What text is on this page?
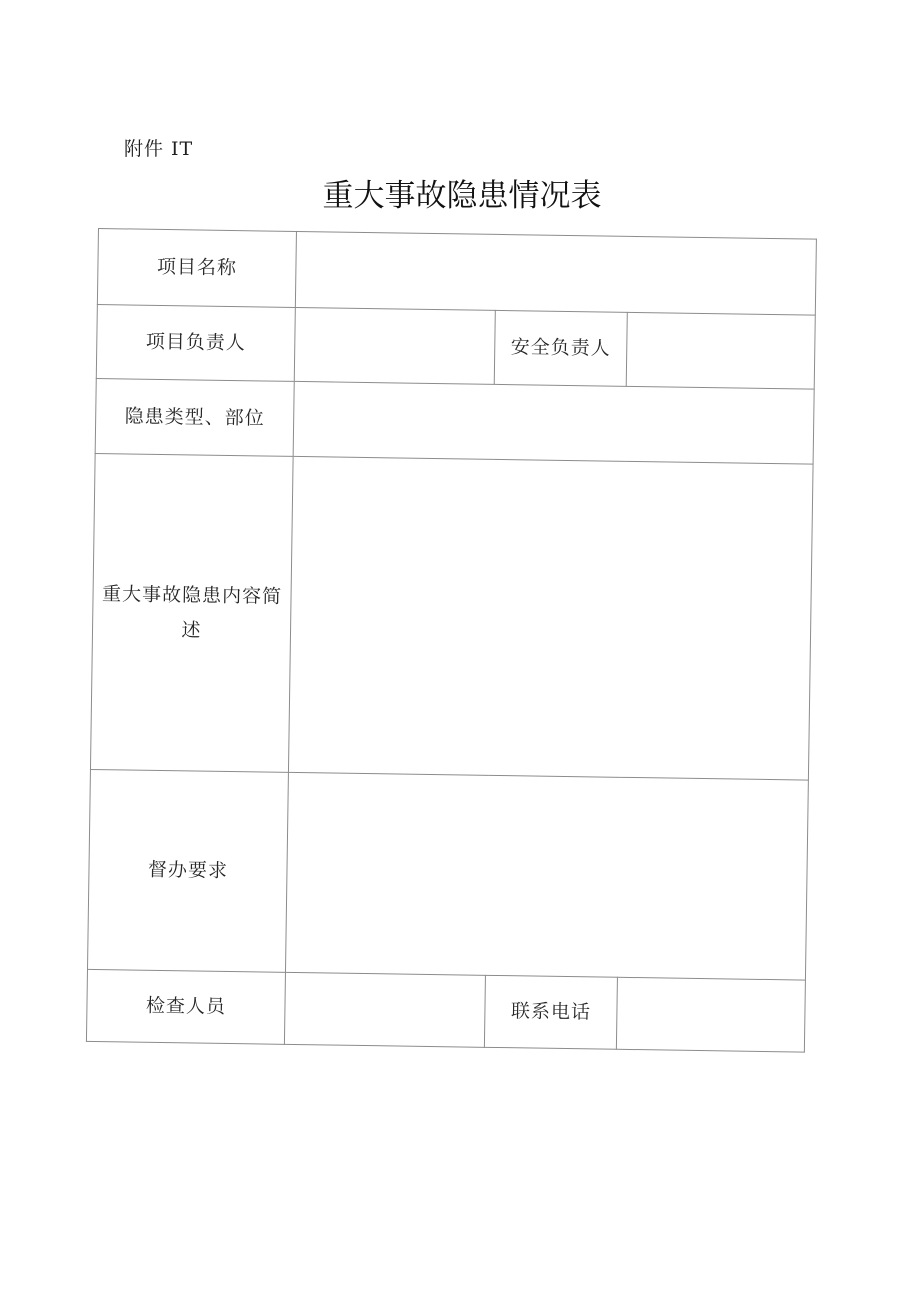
附件 IT
重大事故隐患情况表
项目名称			
项目负责人		安全负责人	
隐患类型、部位			
重大事故隐患内容简述			
督办要求			
检查人员		联系电话	
